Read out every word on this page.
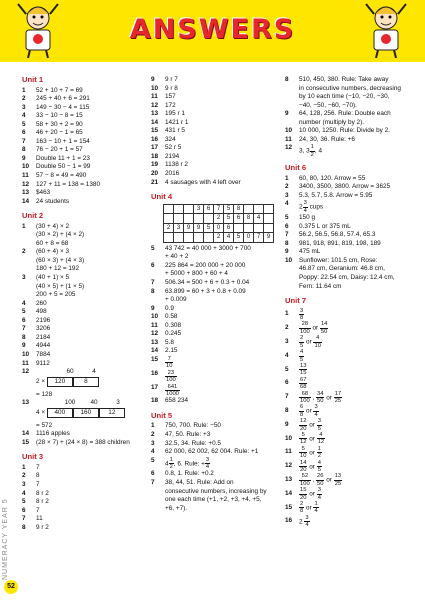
ANSWERS
Unit 1
1	52 + 10 + 7 = 69
2	245 + 40 + 6 = 291
3	149 − 30 − 4 = 115
4	33 − 10 − 8 = 15
5	58 + 30 + 2 = 90
6	46 + 20 − 1 = 65
7	163 − 10 + 1 = 154
8	76 − 20 + 1 = 57
9	Double 11 + 1 = 23
10	Double 50 − 1 = 99
11	57 − 8 = 49 = 490
12	127 + 11 = 138 = 1380
13	$463
14	24 students
Unit 2
1	(30 + 4) × 2
(30 × 2) + (4 × 2)
60 + 8 = 68
2	(60 + 4) × 3
(60 × 3) + (4 × 3)
180 + 12 = 192
3	(40 + 1) × 5
(40 × 5) + (1 × 5)
200 + 5 = 205
4	260
5	498
6	2196
7	3206
8	2184
9	4944
10	7884
11	9112
12	60	4
2 × 120	8
= 128
13	100 40	3
4 × 400 160	12
= 572
14	1116 apples
15	(28 × 7) + (24 × 8) = 388 children
Unit 3
1	7
2	8
3	7
4	8 r 2
5	8 r 2
6	7
7	11
8	9 r 2
9	9 r 7
10	9 r 8
11	157
12	172
13	195 r 1
14	1421 r 1
15	431 r 5
16	324
17	52 r 5
18	2194
19	1138 r 2
20	2016
21	4 sausages with 4 left over
Unit 4
			3	6	7	5	8			
					2	5	6	8	4	
2	3	9	9	5	0	6				
					2	4	5	0	7	9
5	43 742 = 40 000 + 3000 + 700
+ 40 + 2
6	225 864 = 200 000 + 20 000
+ 5000 + 800 + 60 + 4
7	506.34 = 500 + 6 + 0.3 + 0.04
8	63.899 = 60 + 3 + 0.8 + 0.09
+ 0.009
9	0.9
10	0.58
11	0.308
12	0.245
13	5.8
14	2.15
15	$\frac{7}{10}$
16	$\frac{23}{100}$
17	$\frac{641}{1000}$
18	658 234
Unit 5
1	750, 700. Rule: −50
2	47, 50. Rule: +3
3	32.5, 34. Rule: +0.5
4	62 000, 62 002, 62 004. Rule: +1
5
$4 \frac{1}{2}$ , 6. Rule: + $\frac{3}{4}$
6	0.8, 1. Rule: +0.2
7	38, 44, 51. Rule: Add on
consecutive numbers, increasing by
one each time (+1, +2, +3, +4, +5,
+6, +7).
8	510, 450, 380. Rule: Take away
in consecutive numbers, decreasing
by 10 each time (−10, −20, −30,
−40, −50, −60, −70).
9	64, 128, 256. Rule: Double each
number (multiply by 2).
10	10 000, 1250. Rule: Divide by 2.
11	24, 30, 36. Rule: +6
12
3, $3 \frac{1}{2}$ , 4
Unit 6
1	60, 80, 120. Arrow = 55
2	3400, 3500, 3800. Arrow = 3625
3	5.3, 5.7, 5.8. Arrow = 5.95
4
$2 \frac{3}{4}$ cups
5	150 g
6	0.375 L or 375 mL
7	56.2, 56.5, 56.8, 57.4, 65.3
8	981, 918, 891, 819, 198, 189
9	475 mL
10	Sunflower: 101.5 cm, Rose:
46.87 cm, Geranium: 46.8 cm,
Poppy: 22.54 cm, Daisy: 12.4 cm,
Fern: 11.64 cm
Unit 7
1	$\frac{3}{8}$
2	$\frac{28}{100}$ or $\frac{14}{50}$
3	$\frac{2}{5}$ or $\frac{4}{10}$
4	$\frac{4}{5}$
5	$\frac{13}{15}$
6	$\frac{67}{68}$
7	$\frac{68}{100}$ , $\frac{34}{50}$ or $\frac{17}{25}$
8	$\frac{6}{8}$ or $\frac{3}{4}$
9	$\frac{12}{20}$ or $\frac{3}{5}$
10	$\frac{5}{12}$ or $\frac{4}{12}$
11	$\frac{5}{10}$ or $\frac{1}{2}$
12	$\frac{14}{20}$ or $\frac{4}{5}$
13	$\frac{52}{100}$ , $\frac{26}{50}$ or $\frac{13}{25}$
14	$\frac{15}{20}$ or $\frac{3}{4}$
15	$\frac{2}{8}$ or $\frac{1}{4}$
16	$2 \frac{3}{4}$
NUMERACY YEAR 5
52
